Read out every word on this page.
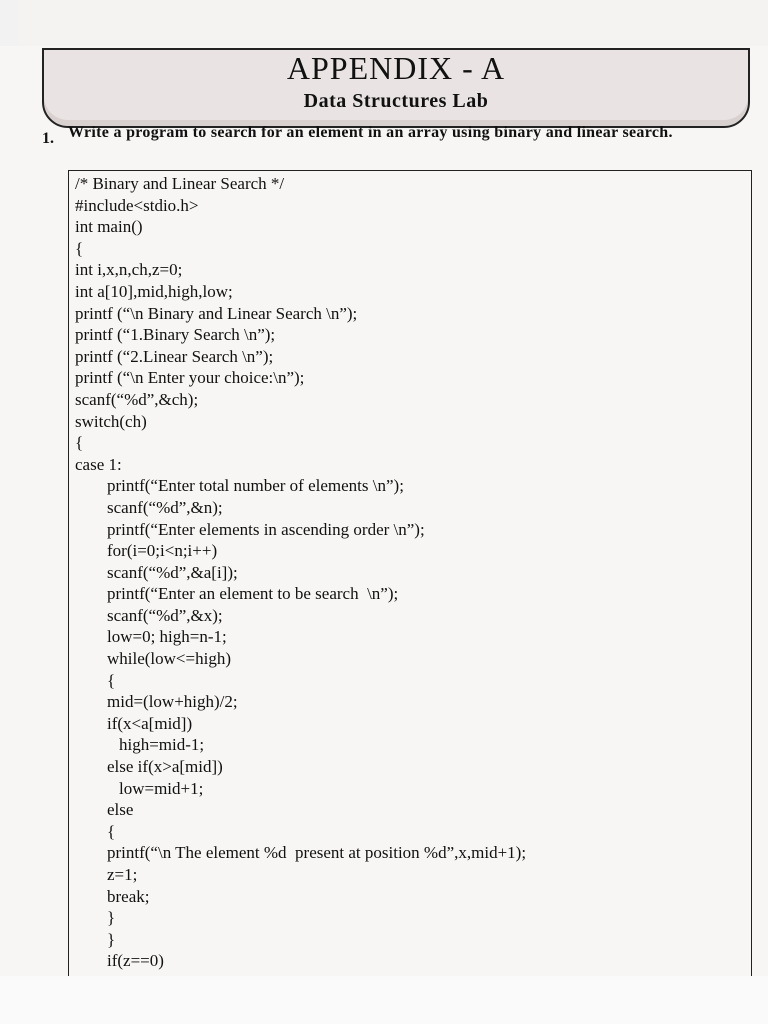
APPENDIX - A
Data Structures Lab
1. Write a program to search for an element in an array using binary and linear search.
/* Binary and Linear Search */
#include<stdio.h>
int main()
{
int i,x,n,ch,z=0;
int a[10],mid,high,low;
printf (“\n Binary and Linear Search \n”);
printf (“1.Binary Search \n”);
printf (“2.Linear Search \n”);
printf (“\n Enter your choice:\n”);
scanf(“%d”,&ch);
switch(ch)
{
case 1:
printf(“Enter total number of elements \n”);
scanf(“%d”,&n);
printf(“Enter elements in ascending order \n”);
for(i=0;i<n;i++)
scanf(“%d”,&a[i]);
printf(“Enter an element to be search  \n”);
scanf(“%d”,&x);
low=0; high=n-1;
while(low<=high)
{
mid=(low+high)/2;
if(x<a[mid])
high=mid-1;
else if(x>a[mid])
low=mid+1;
else
{
printf(“\n The element %d  present at position %d”,x,mid+1);
z=1;
break;
}
}
if(z==0)
